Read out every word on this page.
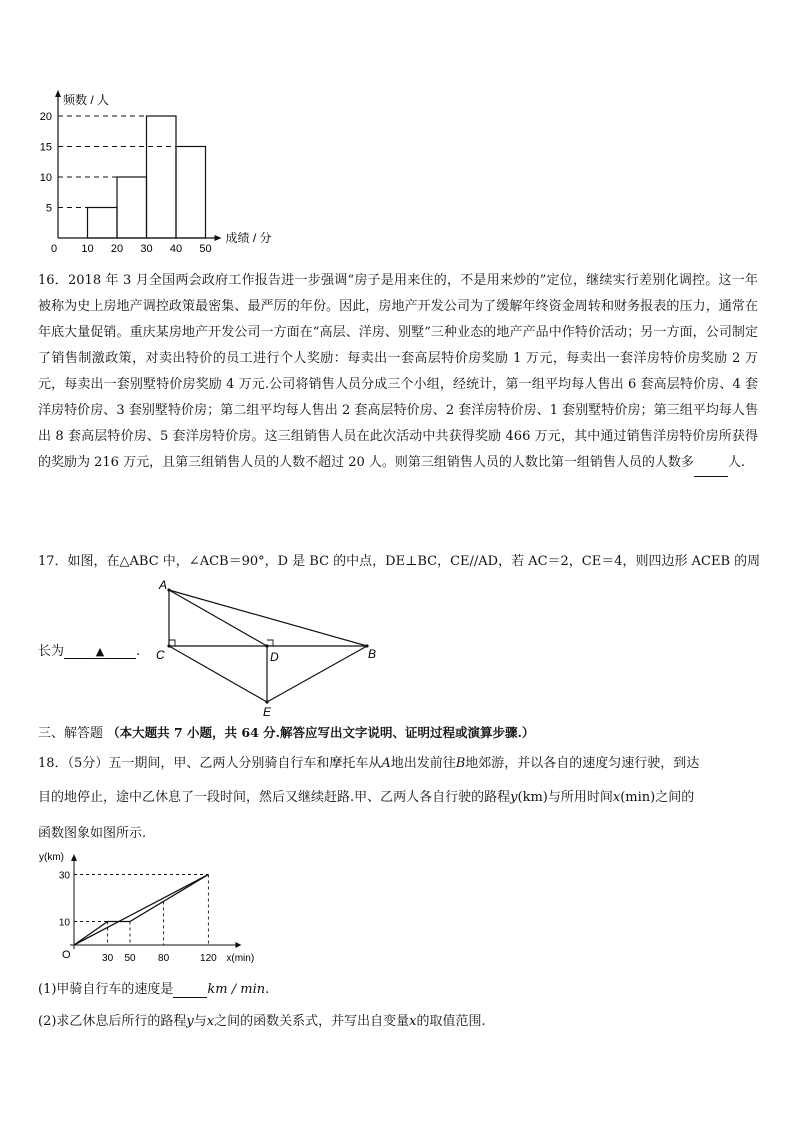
频数 / 人
成绩 / 分
0 10 20 30 40 50
5
10
15
20
16．2018 年 3 月全国两会政府工作报告进一步强调“房子是用来住的，不是用来炒的”定位，继续实行差别化调控。这一年被称为史上房地产调控政策最密集、最严厉的年份。因此，房地产开发公司为了缓解年终资金周转和财务报表的压力，通常在年底大量促销。重庆某房地产开发公司一方面在“高层、洋房、别墅”三种业态的地产产品中作特价活动；另一方面，公司制定了销售制激政策，对卖出特价的员工进行个人奖励：每卖出一套高层特价房奖励 1 万元，每卖出一套洋房特价房奖励 2 万元，每卖出一套别墅特价房奖励 4 万元.公司将销售人员分成三个小组，经统计，第一组平均每人售出 6 套高层特价房、4 套洋房特价房、3 套别墅特价房；第二组平均每人售出 2 套高层特价房、2 套洋房特价房、1 套别墅特价房；第三组平均每人售出 8 套高层特价房、5 套洋房特价房。这三组销售人员在此次活动中共获得奖励 466 万元，其中通过销售洋房特价房所获得的奖励为 216 万元，且第三组销售人员的人数不超过 20 人。则第三组销售人员的人数比第一组销售人员的人数多	人.
17．如图，在△ABC 中，∠ACB＝90°，D 是 BC 的中点，DE⊥BC，CE//AD，若 AC＝2，CE＝4，则四边形 ACEB 的周
长为	▲ .
A
C	D	B
E
三、解答题 （本大题共 7 小题，共 64 分.解答应写出文字说明、证明过程或演算步骤.）
18．（5分）五一期间，甲、乙两人分别骑自行车和摩托车从A地出发前往B地郊游，并以各自的速度匀速行驶，到达
目的地停止，途中乙休息了一段时间，然后又继续赶路.甲、乙两人各自行驶的路程y(km)与所用时间x(min)之间的
函数图象如图所示.
y(km)
x(min)
O	30 50 80	120
10
30
(1)甲骑自行车的速度是	km / min.
(2)求乙休息后所行的路程y与x之间的函数关系式，并写出自变量x的取值范围.
